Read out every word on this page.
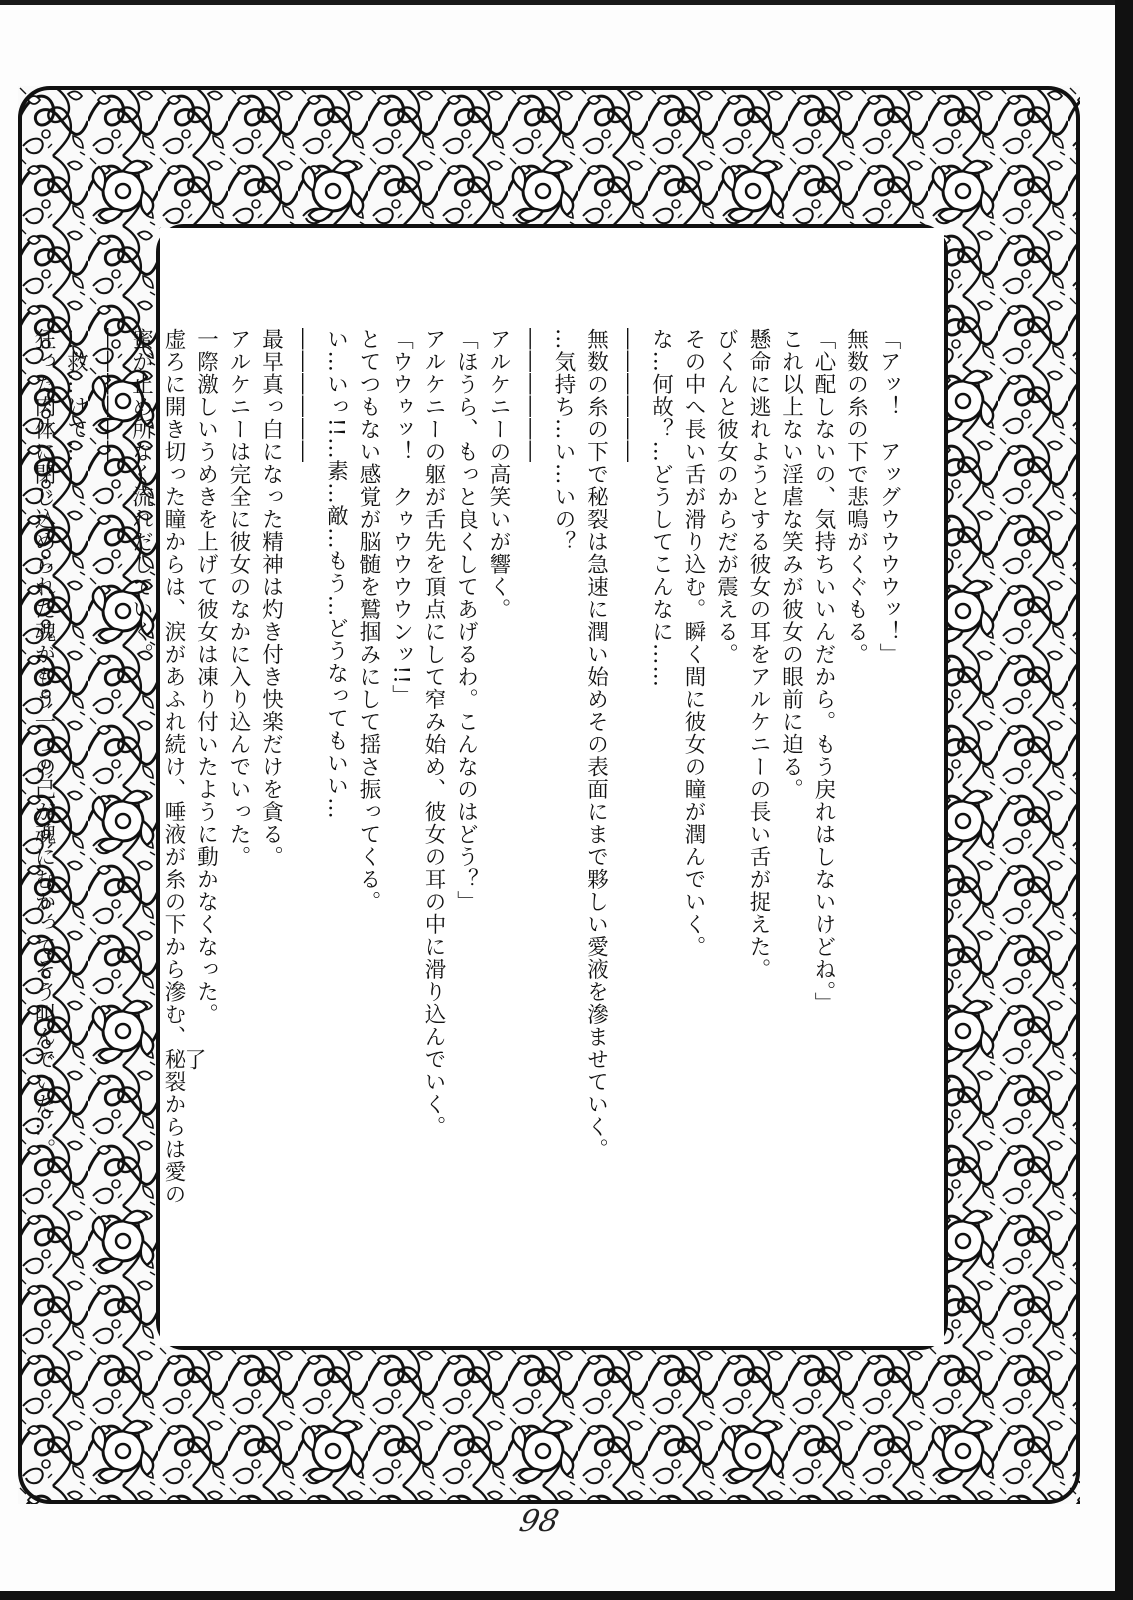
「アッ！　アッグウウウウッ！」

無数の糸の下で悲鳴がくぐもる。

「心配しないの、気持ちいいんだから。もう戻れはしないけどね。」

これ以上ない淫虐な笑みが彼女の眼前に迫る。

懸命に逃れようとする彼女の耳をアルケニーの長い舌が捉えた。

びくんと彼女のからだが震える。

その中へ長い舌が滑り込む。瞬く間に彼女の瞳が潤んでいく。

な…何故？…どうしてこんなに……

――――――

無数の糸の下で秘裂は急速に潤い始めその表面にまで夥しい愛液を滲ませていく。

…気持ち…い…いの？

――――――

アルケニーの高笑いが響く。

「ほうら、もっと良くしてあげるわ。こんなのはどう？」

アルケニーの躯が舌先を頂点にして窄み始め、彼女の耳の中に滑り込んでいく。

「ウウゥッ！　クゥウウウウンッ!!」

とてつもない感覚が脳髄を鷲掴みにして揺さ振ってくる。

い…いっ!!…素…敵…もう…どうなってもいい…

――――――

最早真っ白になった精神は灼き付き快楽だけを貪る。

アルケニーは完全に彼女のなかに入り込んでいった。

一際激しいうめきを上げて彼女は凍り付いたように動かなくなった。

虚ろに開き切った瞳からは、涙があふれ続け、唾液が糸の下から滲む、秘裂からは愛の

蜜が止め所なく流れだしていく。

――――――

…救…けて…

狂った肉体に閉じ込められた魂がもう一つの己が魂にむかってそう叫んでいた…。	了
98
